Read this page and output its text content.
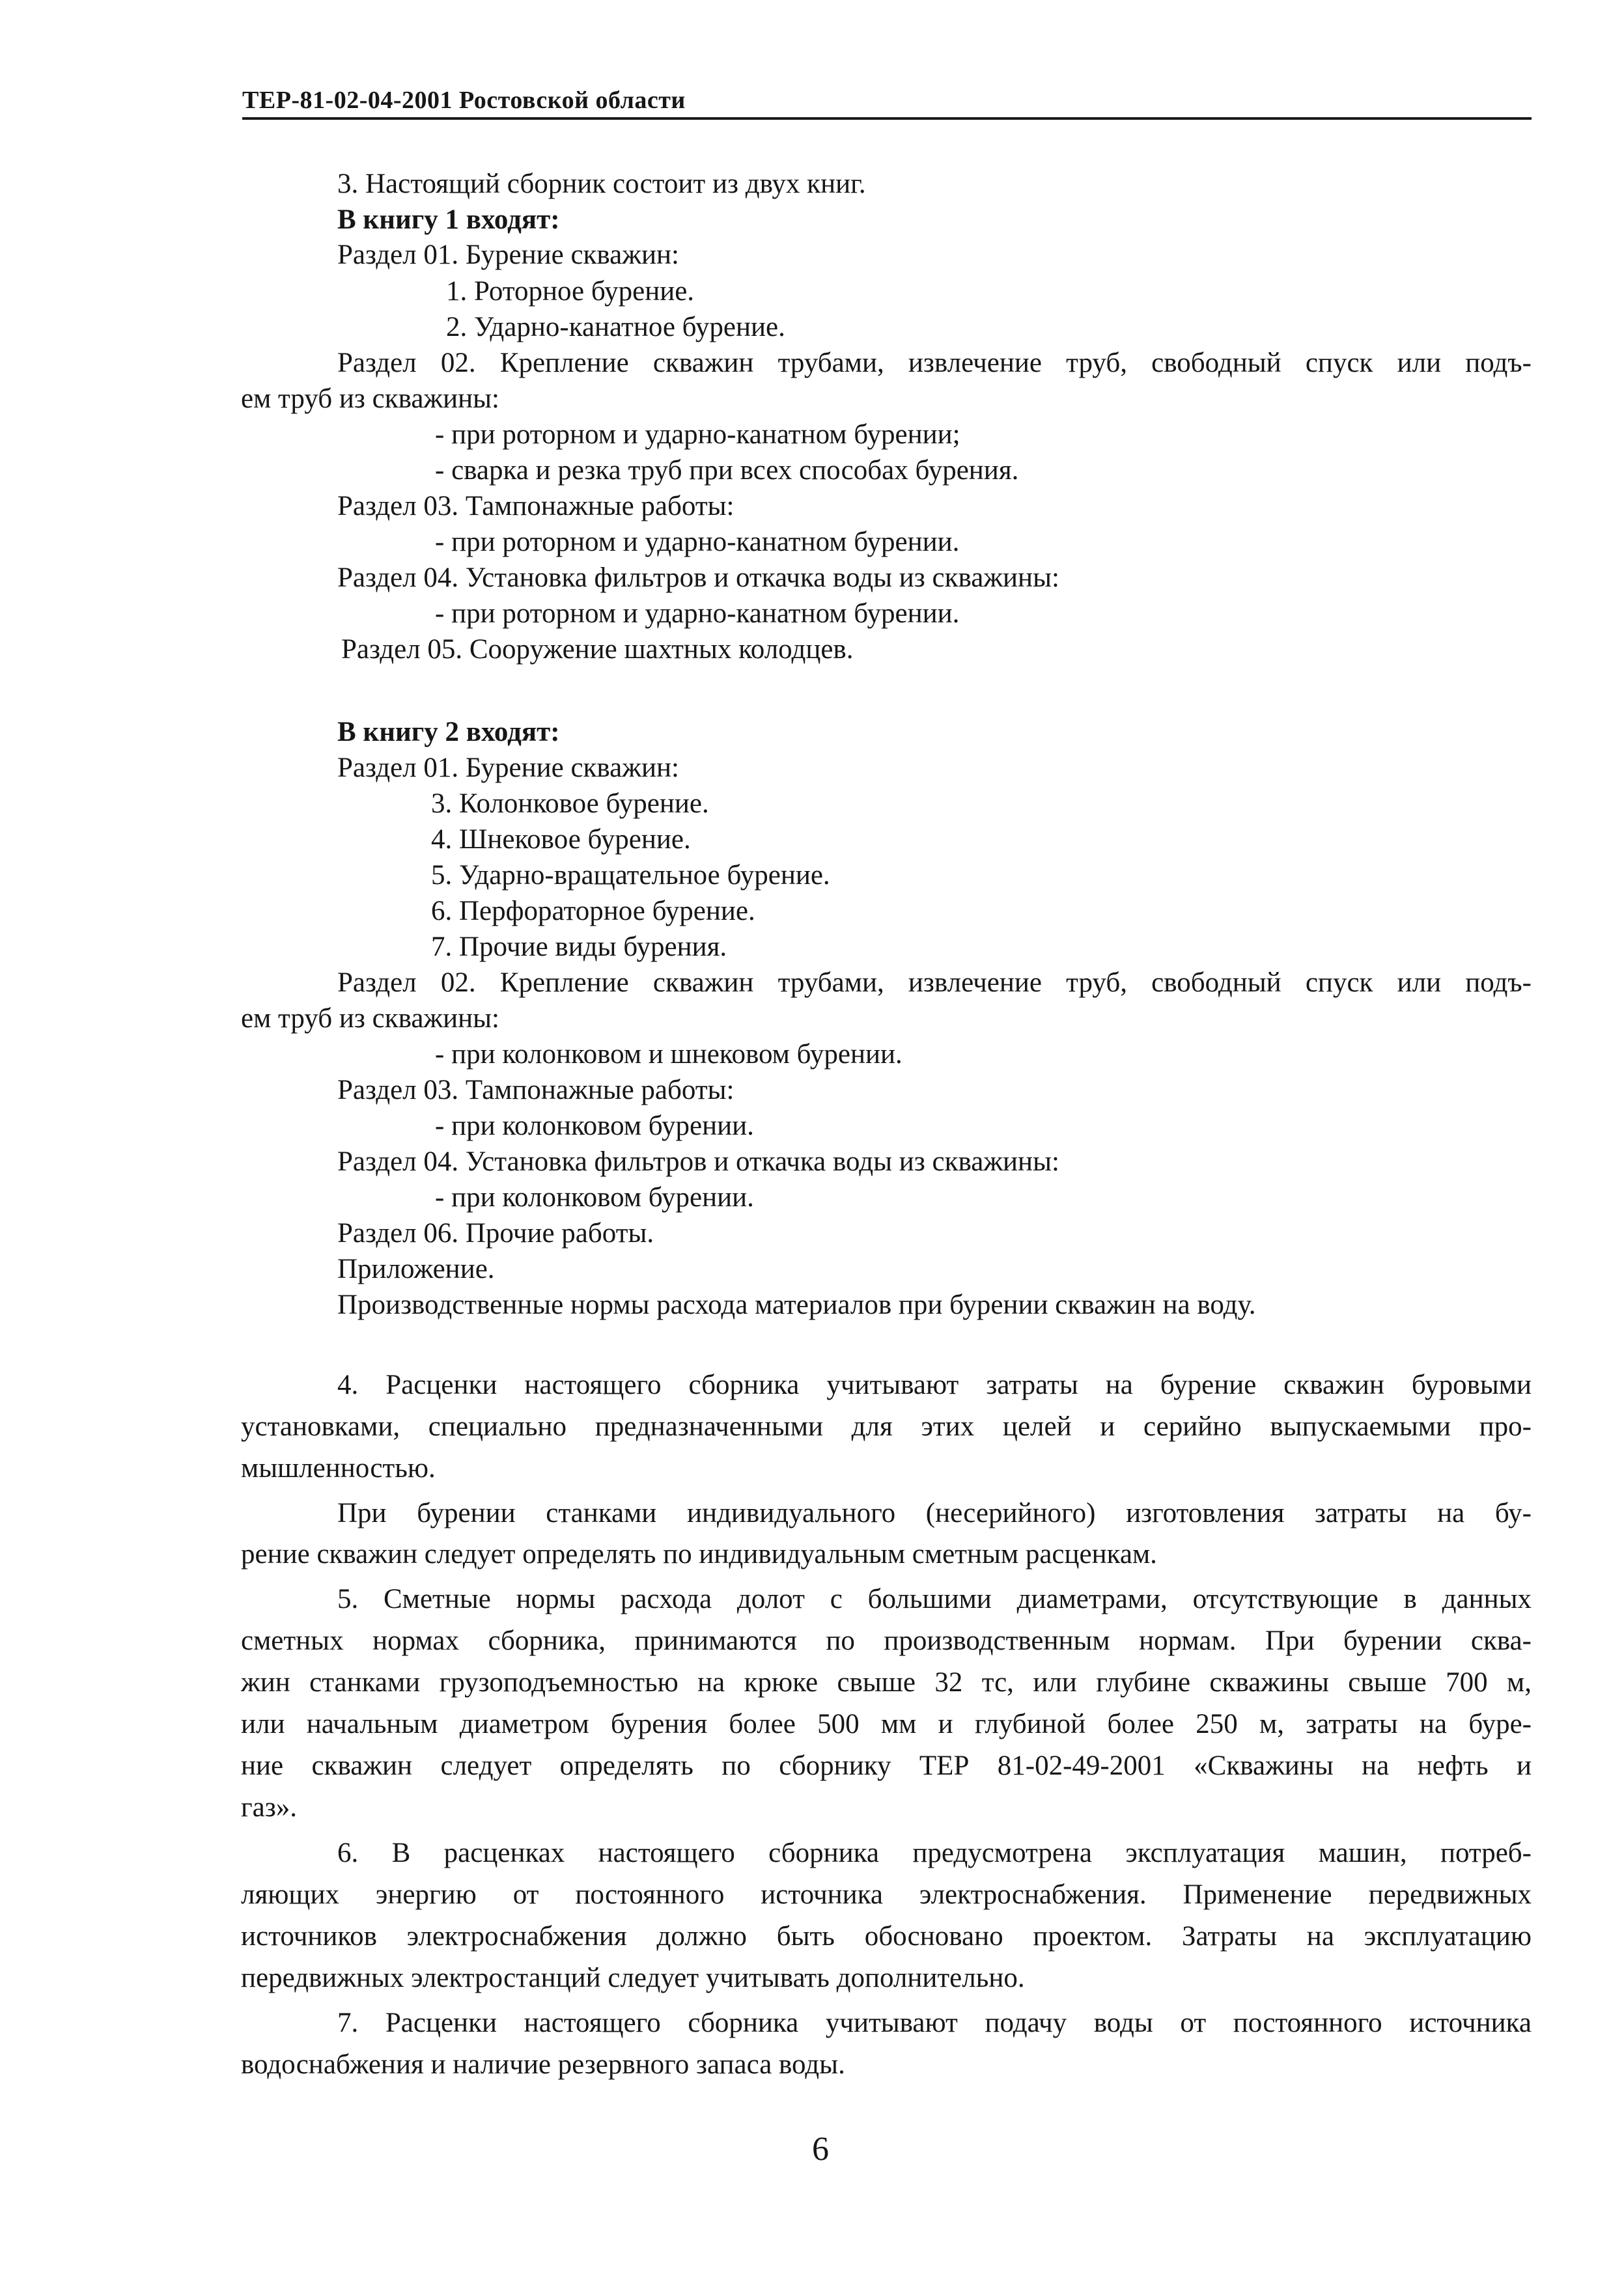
ТЕР-81-02-04-2001 Ростовской области
3. Настоящий сборник состоит из двух книг.
В книгу 1 входят:
Раздел 01. Бурение скважин:
1. Роторное бурение.
2. Ударно-канатное бурение.
Раздел 02. Крепление скважин трубами, извлечение труб, свободный спуск или подъ-
ем труб из скважины:
- при роторном и ударно-канатном бурении;
- сварка и резка труб при всех способах бурения.
Раздел 03. Тампонажные работы:
- при роторном и ударно-канатном бурении.
Раздел 04. Установка фильтров и откачка воды из скважины:
- при роторном и ударно-канатном бурении.
Раздел 05. Сооружение шахтных колодцев.
В книгу 2 входят:
Раздел 01. Бурение скважин:
3. Колонковое бурение.
4. Шнековое бурение.
5. Ударно-вращательное бурение.
6. Перфораторное бурение.
7. Прочие виды бурения.
Раздел 02. Крепление скважин трубами, извлечение труб, свободный спуск или подъ-
ем труб из скважины:
- при колонковом и шнековом бурении.
Раздел 03. Тампонажные работы:
- при колонковом бурении.
Раздел 04. Установка фильтров и откачка воды из скважины:
- при колонковом бурении.
Раздел 06. Прочие работы.
Приложение.
Производственные нормы расхода материалов при бурении скважин на воду.
4. Расценки настоящего сборника учитывают затраты на бурение скважин буровыми
установками, специально предназначенными для этих целей и серийно выпускаемыми про-
мышленностью.
При бурении станками индивидуального (несерийного) изготовления затраты на бу-
рение скважин следует определять по индивидуальным сметным расценкам.
5. Сметные нормы расхода долот с большими диаметрами, отсутствующие в данных
сметных нормах сборника, принимаются по производственным нормам. При бурении сква-
жин станками грузоподъемностью на крюке свыше 32 тс, или глубине скважины свыше 700 м,
или начальным диаметром бурения более 500 мм и глубиной более 250 м, затраты на буре-
ние скважин следует определять по сборнику ТЕР 81-02-49-2001 «Скважины на нефть и
газ».
6. В расценках настоящего сборника предусмотрена эксплуатация машин, потреб-
ляющих энергию от постоянного источника электроснабжения. Применение передвижных
источников электроснабжения должно быть обосновано проектом. Затраты на эксплуатацию
передвижных электростанций следует учитывать дополнительно.
7. Расценки настоящего сборника учитывают подачу воды от постоянного источника
водоснабжения и наличие резервного запаса воды.
6
